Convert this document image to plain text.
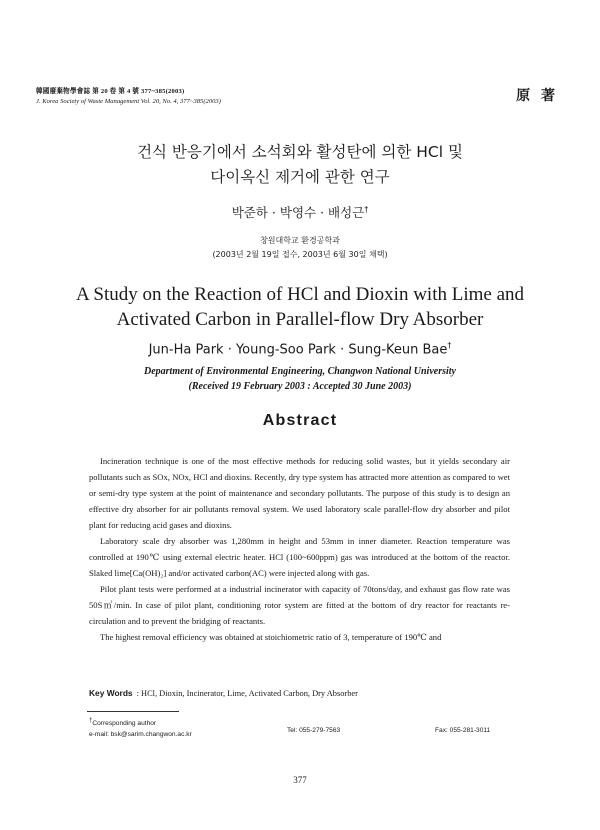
韓國廢棄物學會誌 第 20 卷 第 4 號 377~385(2003)
J. Korea Society of Waste Management Vol. 20, No. 4, 377~385(2003)	原 著
건식 반응기에서 소석회와 활성탄에 의한 HCl 및
다이옥신 제거에 관한 연구
박준하 · 박영수 · 배성근†
창원대학교 환경공학과
(2003년 2월 19일 접수, 2003년 6월 30일 채택)
A Study on the Reaction of HCl and Dioxin with Lime and
Activated Carbon in Parallel-flow Dry Absorber
Jun-Ha Park · Young-Soo Park · Sung-Keun Bae†
Department of Environmental Engineering, Changwon National University
(Received 19 February 2003 : Accepted 30 June 2003)
Abstract

Incineration technique is one of the most effective methods for reducing solid wastes, but it yields secondary air pollutants such as SOx, NOx, HCl and dioxins. Recently, dry type system has attracted more attention as compared to wet or semi-dry type system at the point of maintenance and secondary pollutants. The purpose of this study is to design an effective dry absorber for air pollutants removal system. We used laboratory scale parallel-flow dry absorber and pilot plant for reducing acid gases and dioxins.

Laboratory scale dry absorber was 1,280mm in height and 53mm in inner diameter. Reaction temperature was controlled at 190℃ using external electric heater. HCl (100~600ppm) gas was introduced at the bottom of the reactor. Slaked lime[Ca(OH)₂] and/or activated carbon(AC) were injected along with gas.

Pilot plant tests were performed at a industrial incinerator with capacity of 70tons/day, and exhaust gas flow rate was 50S㎥/min. In case of pilot plant, conditioning rotor system are fitted at the bottom of dry reactor for reactants re-circulation and to prevent the bridging of reactants.

The highest removal efficiency was obtained at stoichiometric ratio of 3, temperature of 190℃ and

Key Words : HCl, Dioxin, Incinerator, Lime, Activated Carbon, Dry Absorber
†Corresponding author
e-mail: bsk@sarim.changwon.ac.kr
Tel: 055-279-7563	Fax: 055-281-3011
377
